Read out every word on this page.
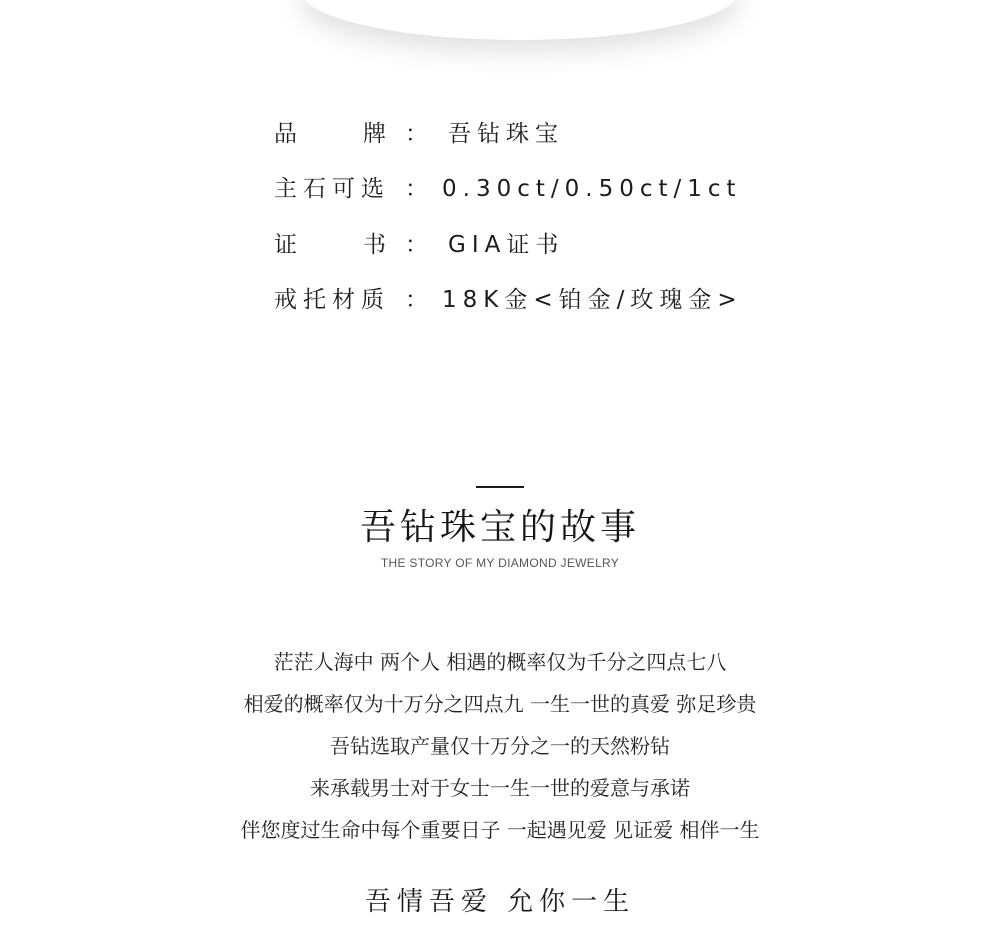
品	牌 ： 吾钻珠宝
主石可选 ： 0.30ct/0.50ct/1ct
证	书 ： GIA证书
戒托材质 ： 18K金<铂金/玫瑰金>
吾钻珠宝的故事
THE STORY OF MY DIAMOND JEWELRY
茫茫人海中 两个人 相遇的概率仅为千分之四点七八
相爱的概率仅为十万分之四点九 一生一世的真爱 弥足珍贵
吾钻选取产量仅十万分之一的天然粉钻
来承载男士对于女士一生一世的爱意与承诺
伴您度过生命中每个重要日子 一起遇见爱 见证爱 相伴一生
吾情吾爱 允你一生
